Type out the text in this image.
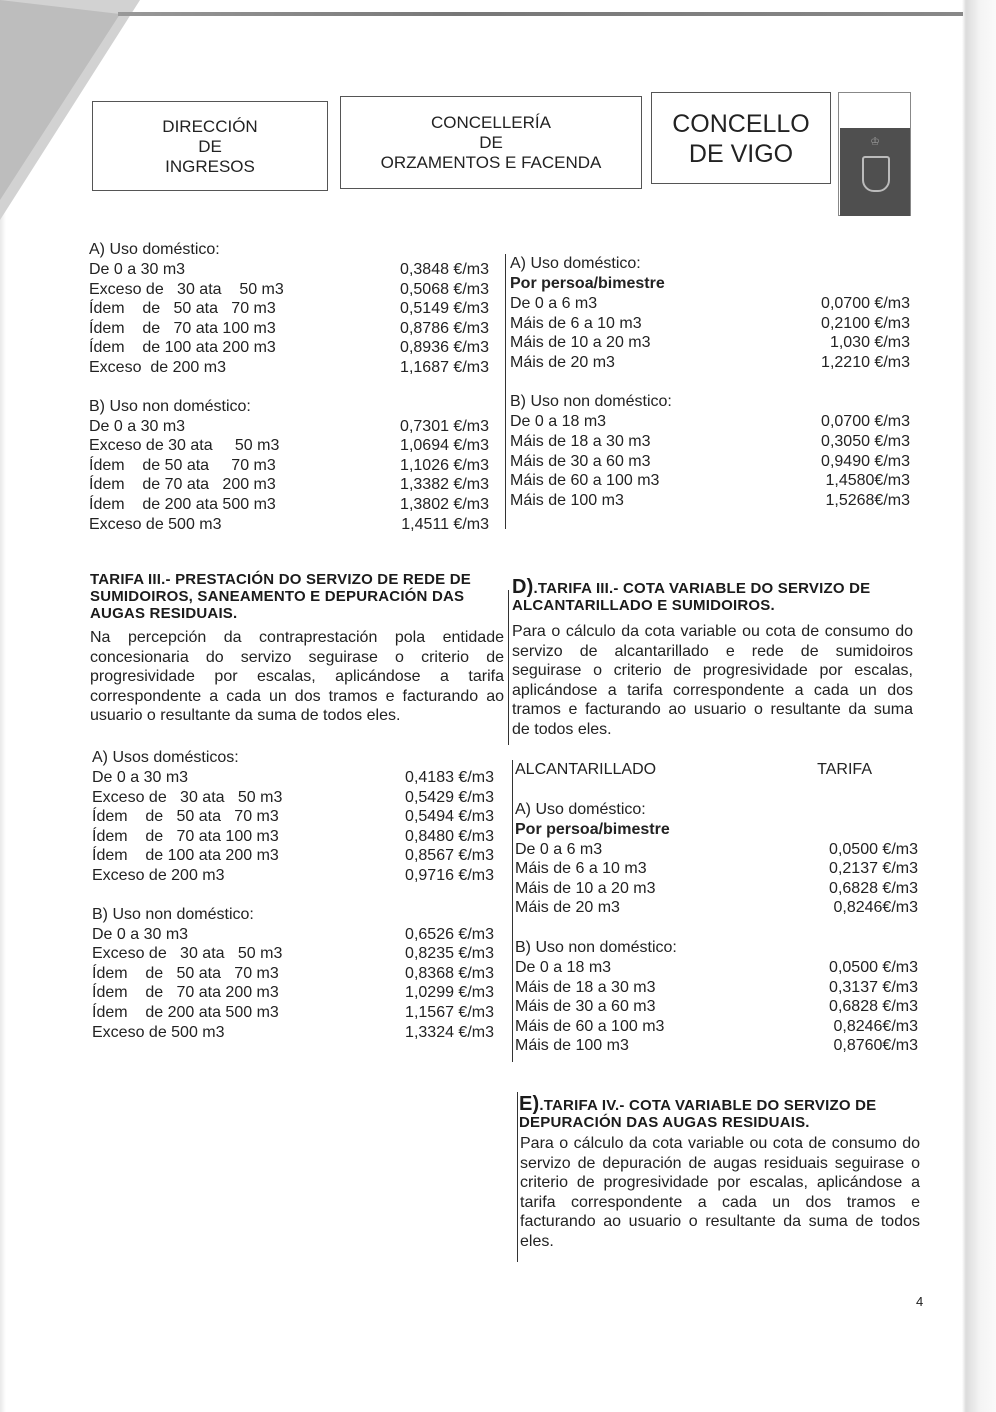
DIRECCIÓN
DE
INGRESOS
CONCELLERÍA
DE
ORZAMENTOS E FACENDA
CONCELLO
DE VIGO	♔
A) Uso doméstico:
De 0 a 30 m3	0,3848 €/m3
Exceso de   30 ata    50 m3	0,5068 €/m3
Ídem    de   50 ata   70 m3	0,5149 €/m3
Ídem    de   70 ata 100 m3	0,8786 €/m3
Ídem    de 100 ata 200 m3	0,8936 €/m3
Exceso  de 200 m3	1,1687 €/m3
B) Uso non doméstico:
De 0 a 30 m3	0,7301 €/m3
Exceso de 30 ata     50 m3	1,0694 €/m3
Ídem    de 50 ata     70 m3	1,1026 €/m3
Ídem    de 70 ata   200 m3	1,3382 €/m3
Ídem    de 200 ata 500 m3	1,3802 €/m3
Exceso de 500 m3	1,4511 €/m3
A) Uso doméstico:
Por persoa/bimestre
De 0 a 6 m3	0,0700 €/m3
Máis de 6 a 10 m3	0,2100 €/m3
Máis de 10 a 20 m3	1,030 €/m3
Máis de 20 m3	1,2210 €/m3
B) Uso non doméstico:
De 0 a 18 m3	0,0700 €/m3
Máis de 18 a 30 m3	0,3050 €/m3
Máis de 30 a 60 m3	0,9490 €/m3
Máis de 60 a 100 m3	1,4580€/m3
Máis de 100 m3	1,5268€/m3
TARIFA III.- PRESTACIÓN DO SERVIZO DE REDE DE
SUMIDOIROS, SANEAMENTO E DEPURACIÓN DAS
AUGAS RESIDUAIS.
Na percepción da contraprestación pola entidade
concesionaria do servizo seguirase o criterio de
progresividade por escalas, aplicándose a tarifa
correspondente a cada un dos tramos e facturando ao
usuario o resultante da suma de todos eles.
A) Usos domésticos:
De 0 a 30 m3	0,4183 €/m3
Exceso de   30 ata   50 m3	0,5429 €/m3
Ídem    de   50 ata   70 m3	0,5494 €/m3
Ídem    de   70 ata 100 m3	0,8480 €/m3
Ídem    de 100 ata 200 m3	0,8567 €/m3
Exceso de 200 m3	0,9716 €/m3
B) Uso non doméstico:
De 0 a 30 m3	0,6526 €/m3
Exceso de   30 ata   50 m3	0,8235 €/m3
Ídem    de   50 ata   70 m3	0,8368 €/m3
Ídem    de   70 ata 200 m3	1,0299 €/m3
Ídem    de 200 ata 500 m3	1,1567 €/m3
Exceso de 500 m3	1,3324 €/m3
D).TARIFA III.- COTA VARIABLE DO SERVIZO DE
ALCANTARILLADO E SUMIDOIROS.
Para o cálculo da cota variable ou cota de consumo do
servizo de alcantarillado e rede de sumidoiros
seguirase o criterio de progresividade por escalas,
aplicándose a tarifa correspondente a cada un dos
tramos e facturando ao usuario o resultante da suma
de todos eles.
ALCANTARILLADO	TARIFA
A) Uso doméstico:
Por persoa/bimestre
De 0 a 6 m3	0,0500 €/m3
Máis de 6 a 10 m3	0,2137 €/m3
Máis de 10 a 20 m3	0,6828 €/m3
Máis de 20 m3	0,8246€/m3
B) Uso non doméstico:
De 0 a 18 m3	0,0500 €/m3
Máis de 18 a 30 m3	0,3137 €/m3
Máis de 30 a 60 m3	0,6828 €/m3
Máis de 60 a 100 m3	0,8246€/m3
Máis de 100 m3	0,8760€/m3
E).TARIFA IV.- COTA VARIABLE DO SERVIZO DE
DEPURACIÓN DAS AUGAS RESIDUAIS.
Para o cálculo da cota variable ou cota de consumo do
servizo de depuración de augas residuais seguirase o
criterio de progresividade por escalas, aplicándose a
tarifa correspondente a cada un dos tramos e
facturando ao usuario o resultante da suma de todos
eles.
4
